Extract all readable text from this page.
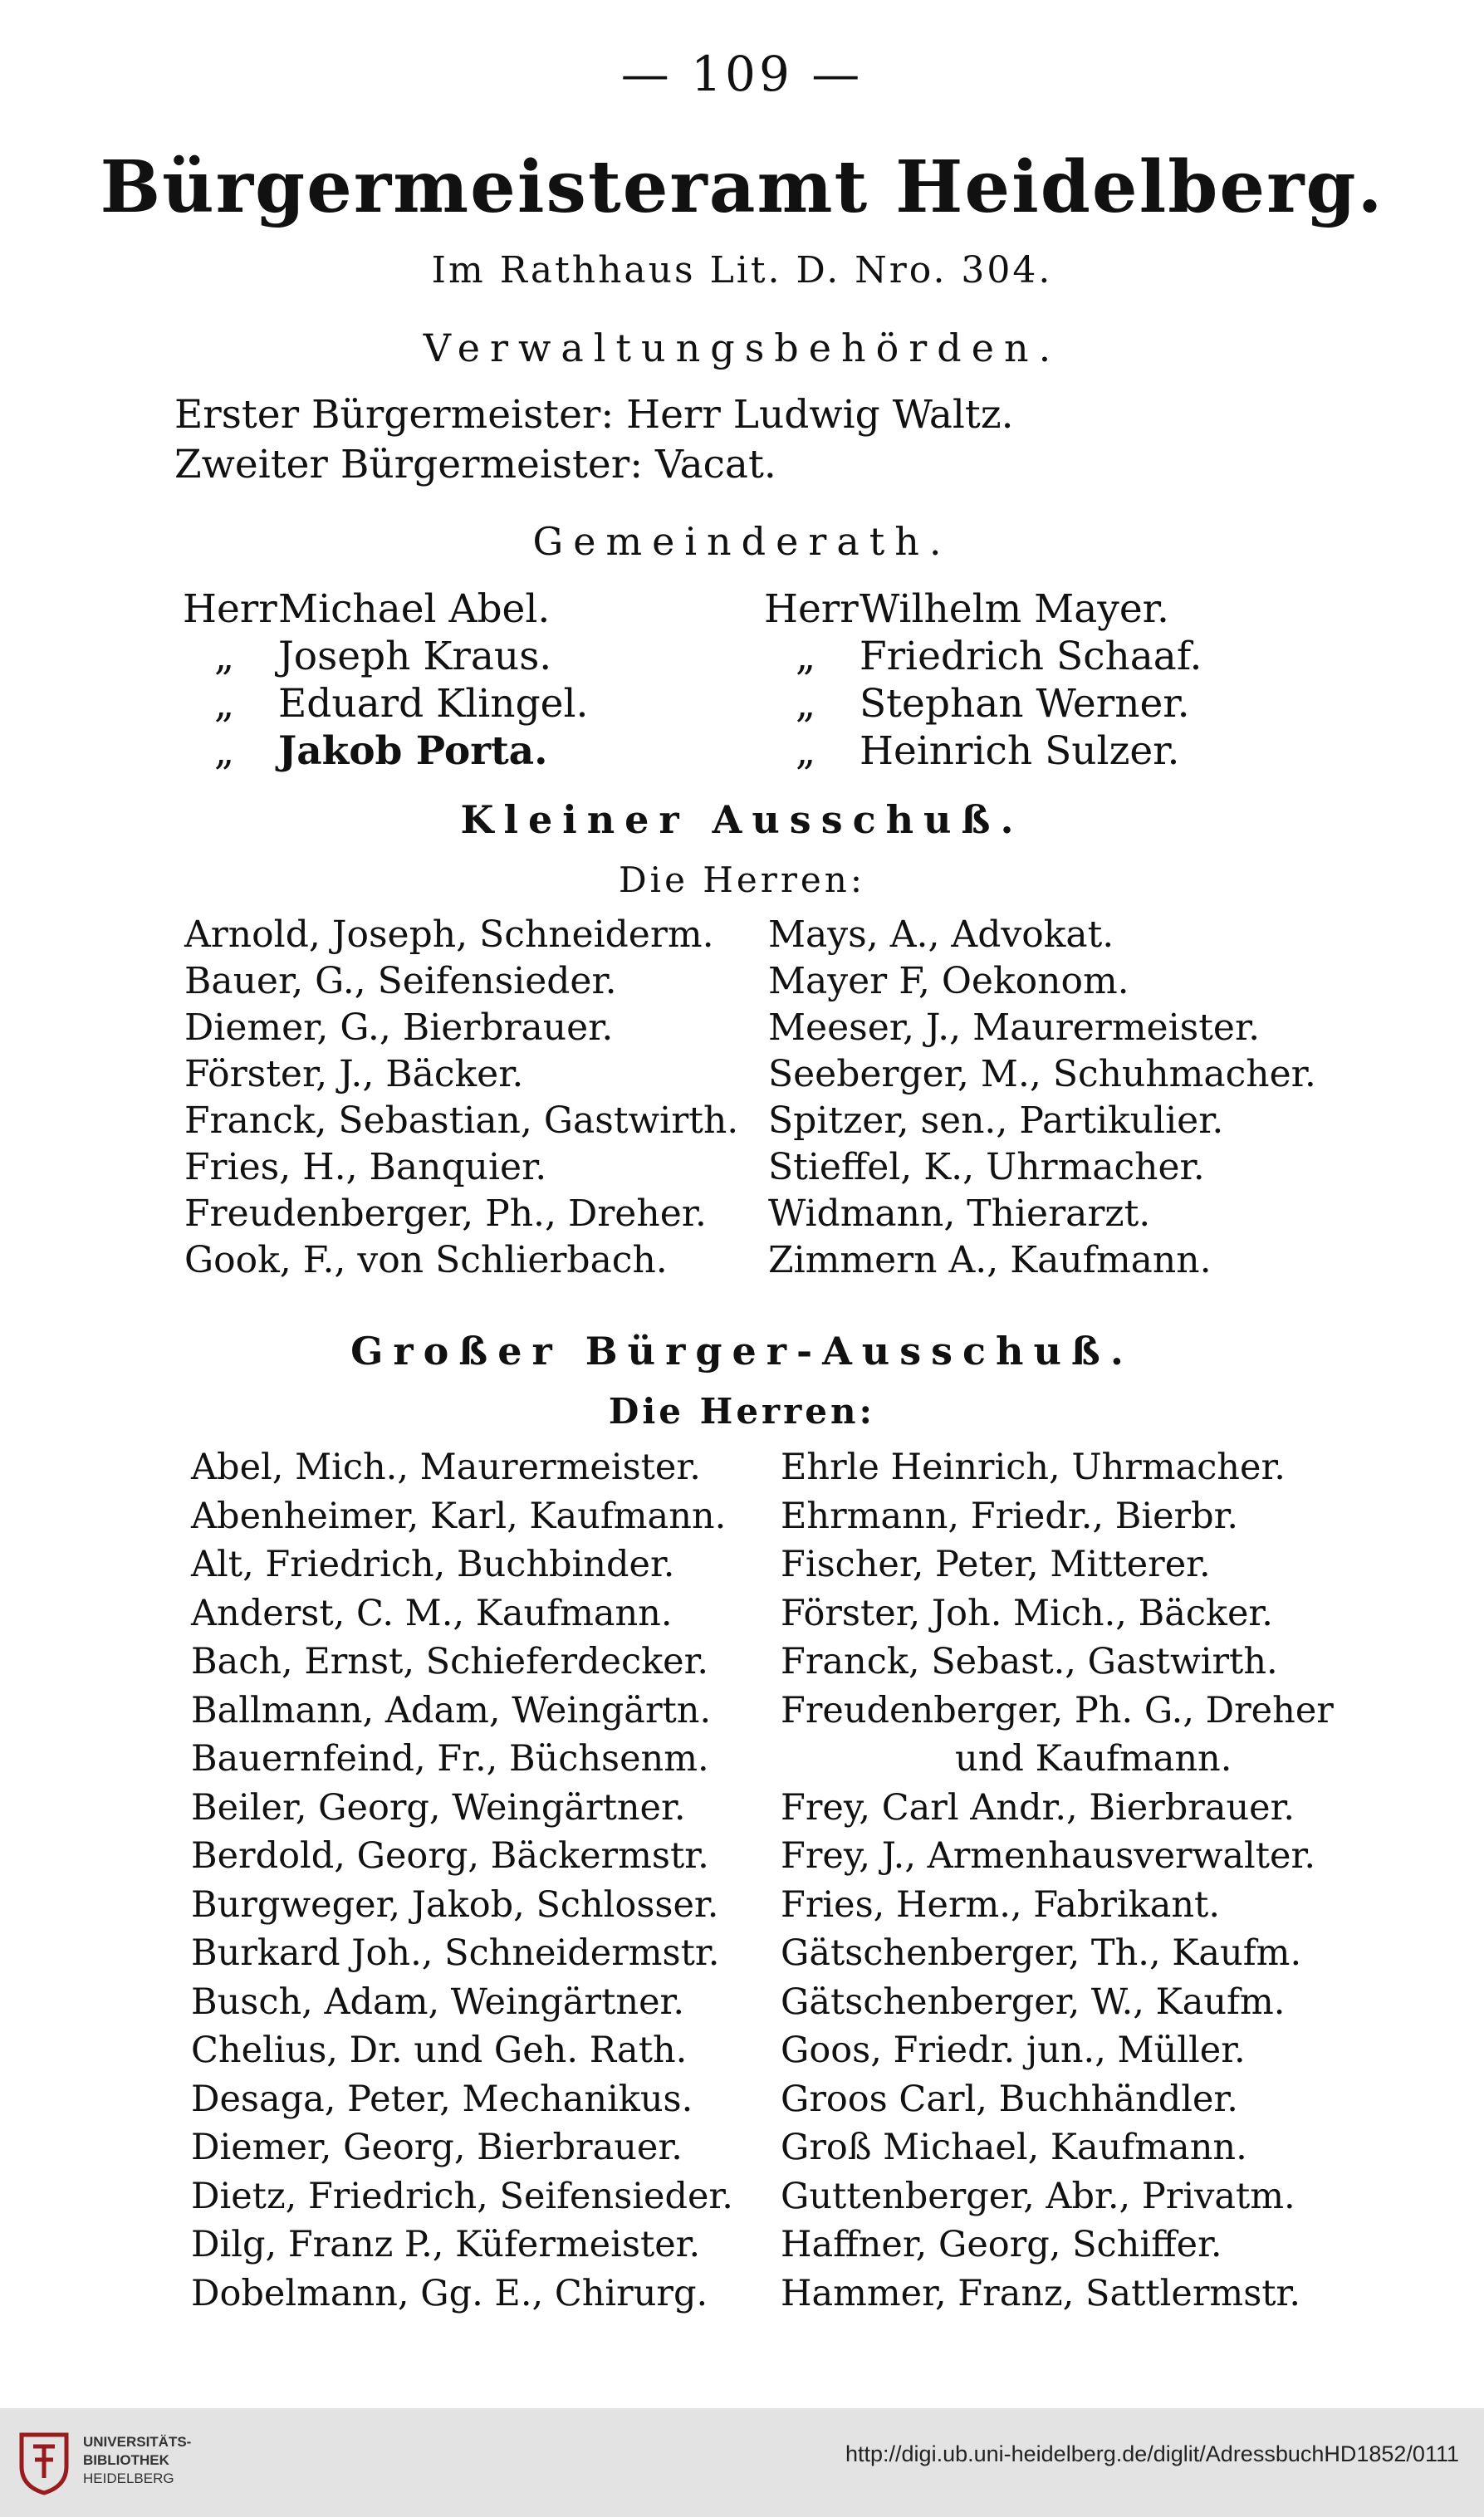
— 109 —
Bürgermeisteramt Heidelberg.
Im Rathhaus Lit. D. Nro. 304.
Verwaltungsbehörden.
Erster Bürgermeister: Herr Ludwig Waltz.
Zweiter Bürgermeister: Vacat.
Gemeinderath.
Herr Michael Abel.
„ Joseph Kraus.
„ Eduard Klingel.
„ Jakob Porta.
Herr Wilhelm Mayer.
„ Friedrich Schaaf.
„ Stephan Werner.
„ Heinrich Sulzer.
Kleiner Ausschuß.
Die Herren:
Arnold, Joseph, Schneiderm.
Bauer, G., Seifensieder.
Diemer, G., Bierbrauer.
Förster, J., Bäcker.
Franck, Sebastian, Gastwirth.
Fries, H., Banquier.
Freudenberger, Ph., Dreher.
Gook, F., von Schlierbach.
Mays, A., Advokat.
Mayer F, Oekonom.
Meeser, J., Maurermeister.
Seeberger, M., Schuhmacher.
Spitzer, sen., Partikulier.
Stieffel, K., Uhrmacher.
Widmann, Thierarzt.
Zimmern A., Kaufmann.
Großer Bürger-Ausschuß.
Die Herren:
Abel, Mich., Maurermeister.
Abenheimer, Karl, Kaufmann.
Alt, Friedrich, Buchbinder.
Anderst, C. M., Kaufmann.
Bach, Ernst, Schieferdecker.
Ballmann, Adam, Weingärtn.
Bauernfeind, Fr., Büchsenm.
Beiler, Georg, Weingärtner.
Berdold, Georg, Bäckermstr.
Burgweger, Jakob, Schlosser.
Burkard Joh., Schneidermstr.
Busch, Adam, Weingärtner.
Chelius, Dr. und Geh. Rath.
Desaga, Peter, Mechanikus.
Diemer, Georg, Bierbrauer.
Dietz, Friedrich, Seifensieder.
Dilg, Franz P., Küfermeister.
Dobelmann, Gg. E., Chirurg.
Ehrle Heinrich, Uhrmacher.
Ehrmann, Friedr., Bierbr.
Fischer, Peter, Mitterer.
Förster, Joh. Mich., Bäcker.
Franck, Sebast., Gastwirth.
Freudenberger, Ph. G., Dreher
und Kaufmann.
Frey, Carl Andr., Bierbrauer.
Frey, J., Armenhausverwalter.
Fries, Herm., Fabrikant.
Gätschenberger, Th., Kaufm.
Gätschenberger, W., Kaufm.
Goos, Friedr. jun., Müller.
Groos Carl, Buchhändler.
Groß Michael, Kaufmann.
Guttenberger, Abr., Privatm.
Haffner, Georg, Schiffer.
Hammer, Franz, Sattlermstr.
UNIVERSITÄTS-
BIBLIOTHEK
HEIDELBERG
http://digi.ub.uni-heidelberg.de/diglit/AdressbuchHD1852/0111
